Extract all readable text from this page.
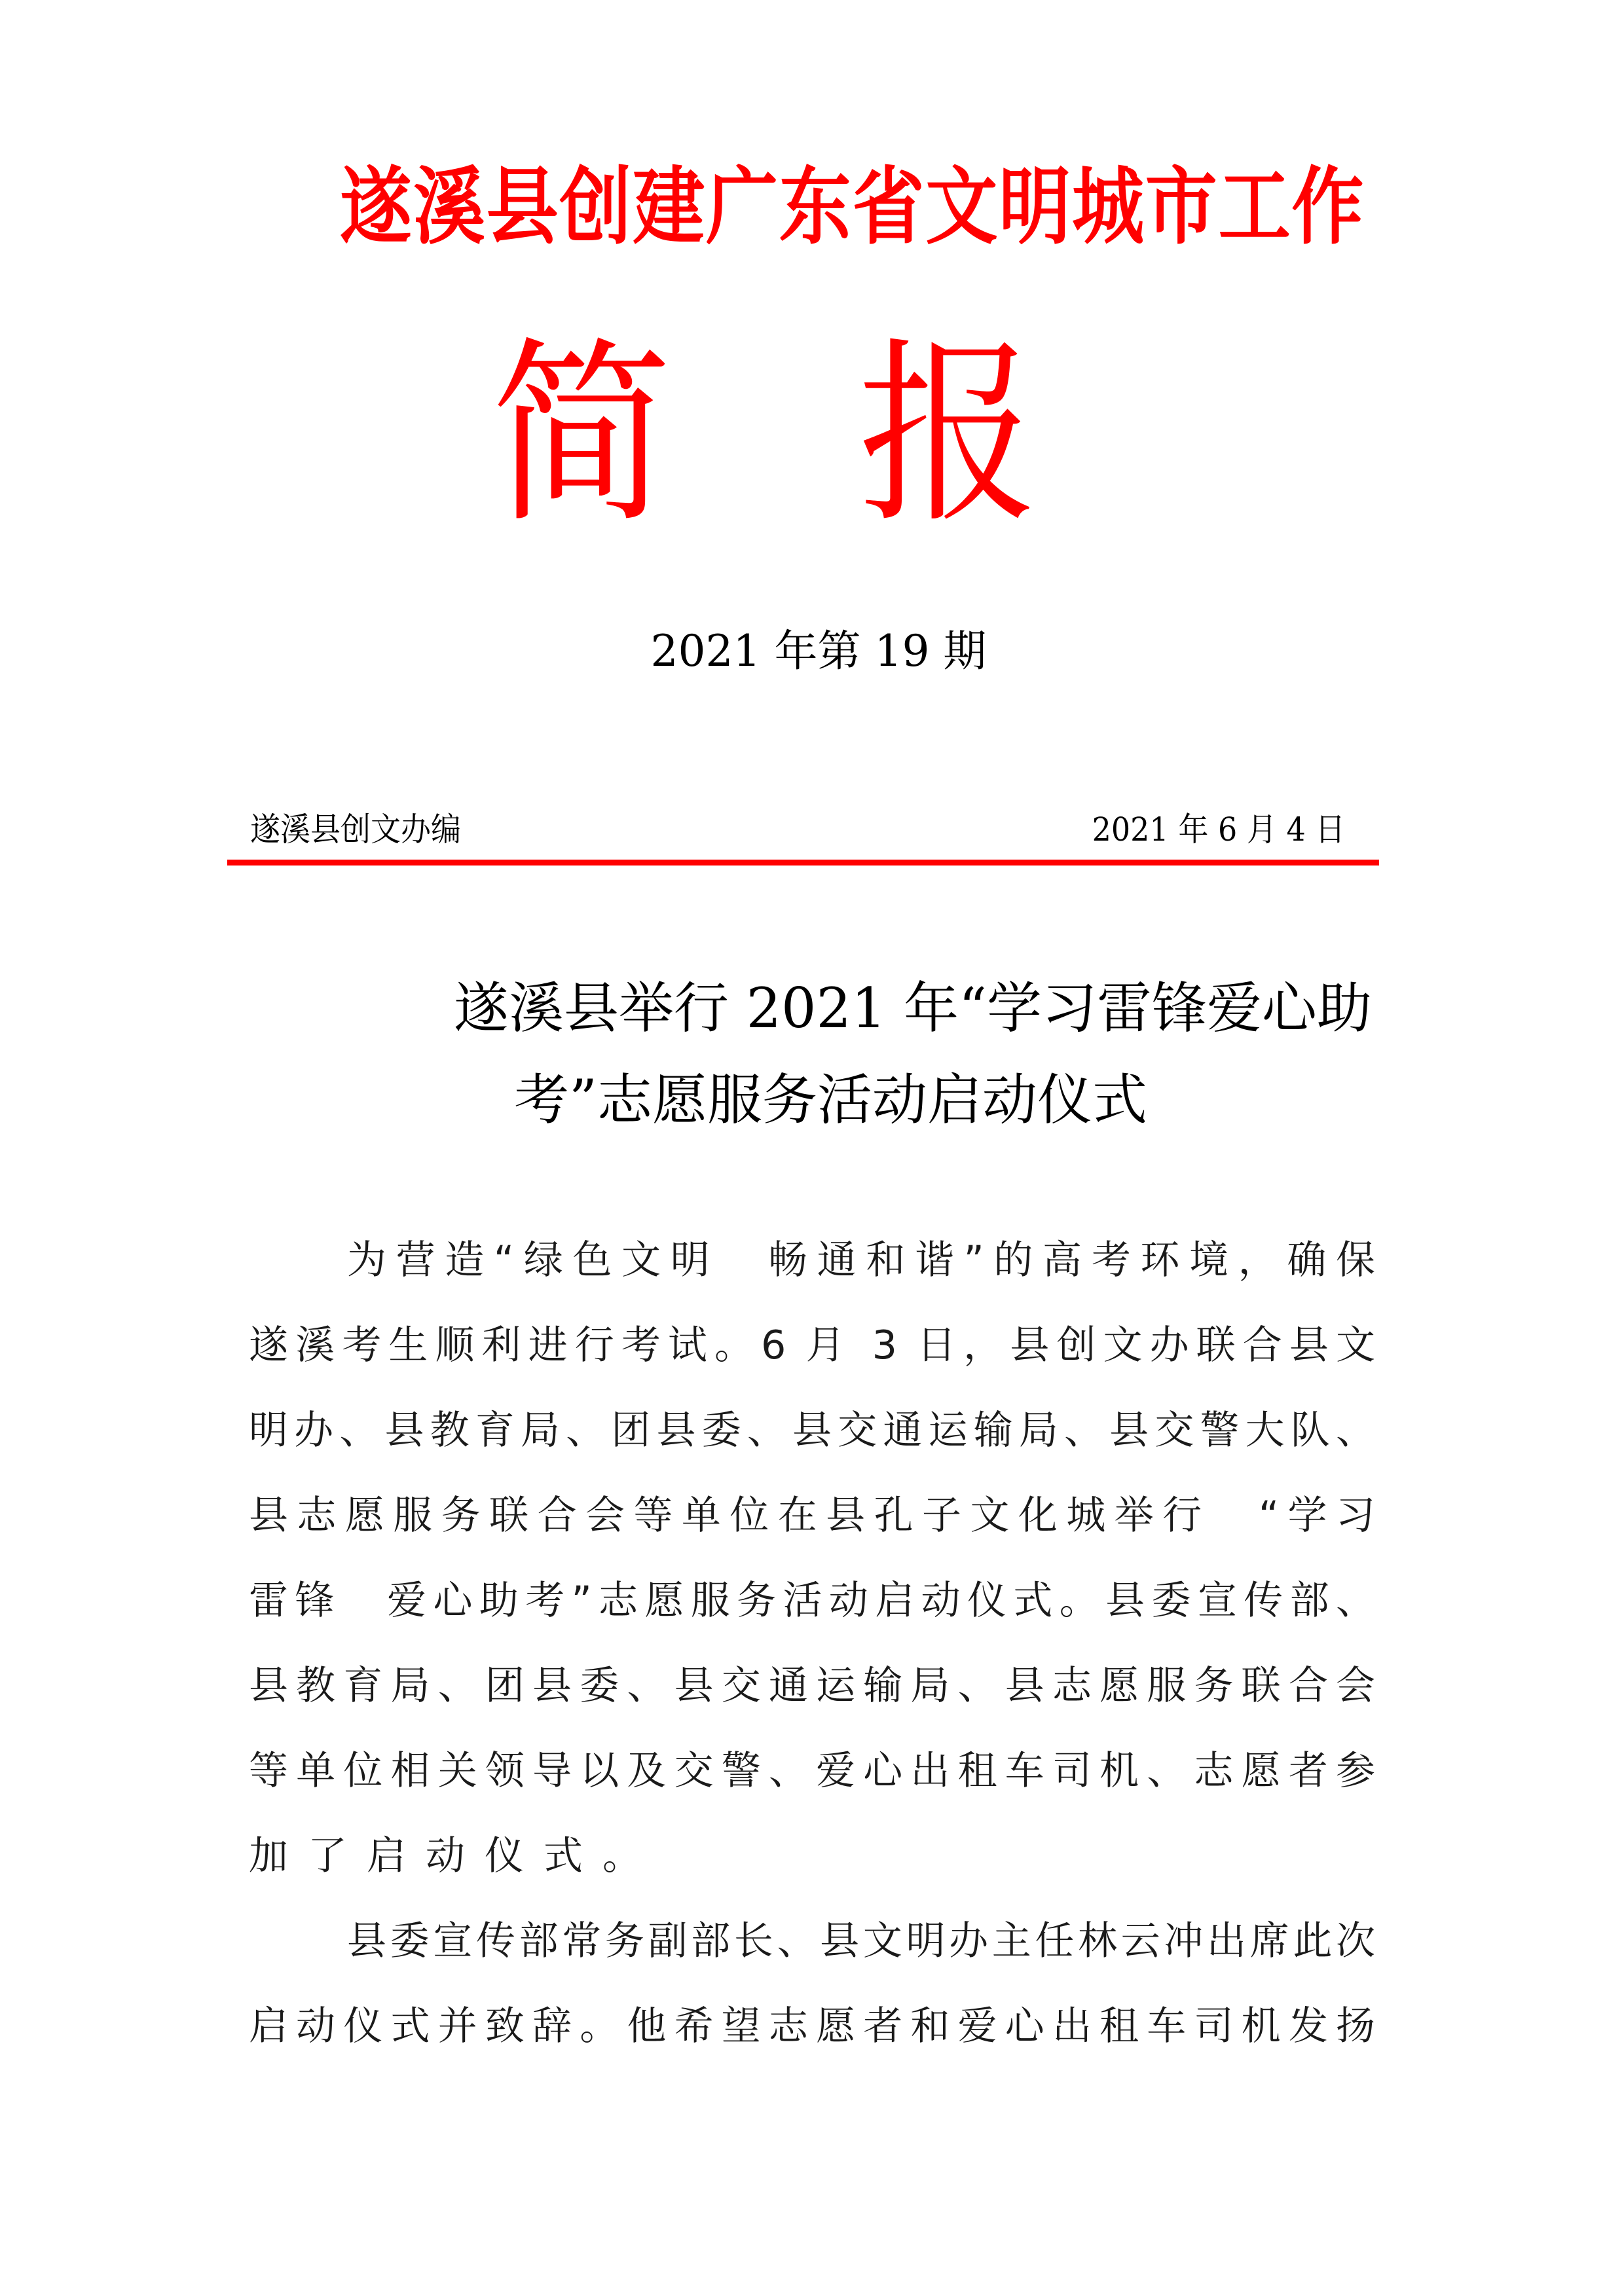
遂溪县创建广东省文明城市工作
简 报
2021 年第 19 期
遂溪县创文办编	2021 年 6 月 4 日
遂溪县举行 2021 年“学习雷锋爱心助
考”志愿服务活动启动仪式
为营造“绿色文明　畅通和谐”的高考环境，确保
遂溪考生顺利进行考试。6 月 3 日，县创文办联合县文
明办、县教育局、团县委、县交通运输局、县交警大队、
县志愿服务联合会等单位在县孔子文化城举行　“学习
雷锋　爱心助考”志愿服务活动启动仪式。县委宣传部、
县教育局、团县委、县交通运输局、县志愿服务联合会
等单位相关领导以及交警、爱心出租车司机、志愿者参
加了启动仪式。
县委宣传部常务副部长、县文明办主任林云冲出席此次
启动仪式并致辞。他希望志愿者和爱心出租车司机发扬
